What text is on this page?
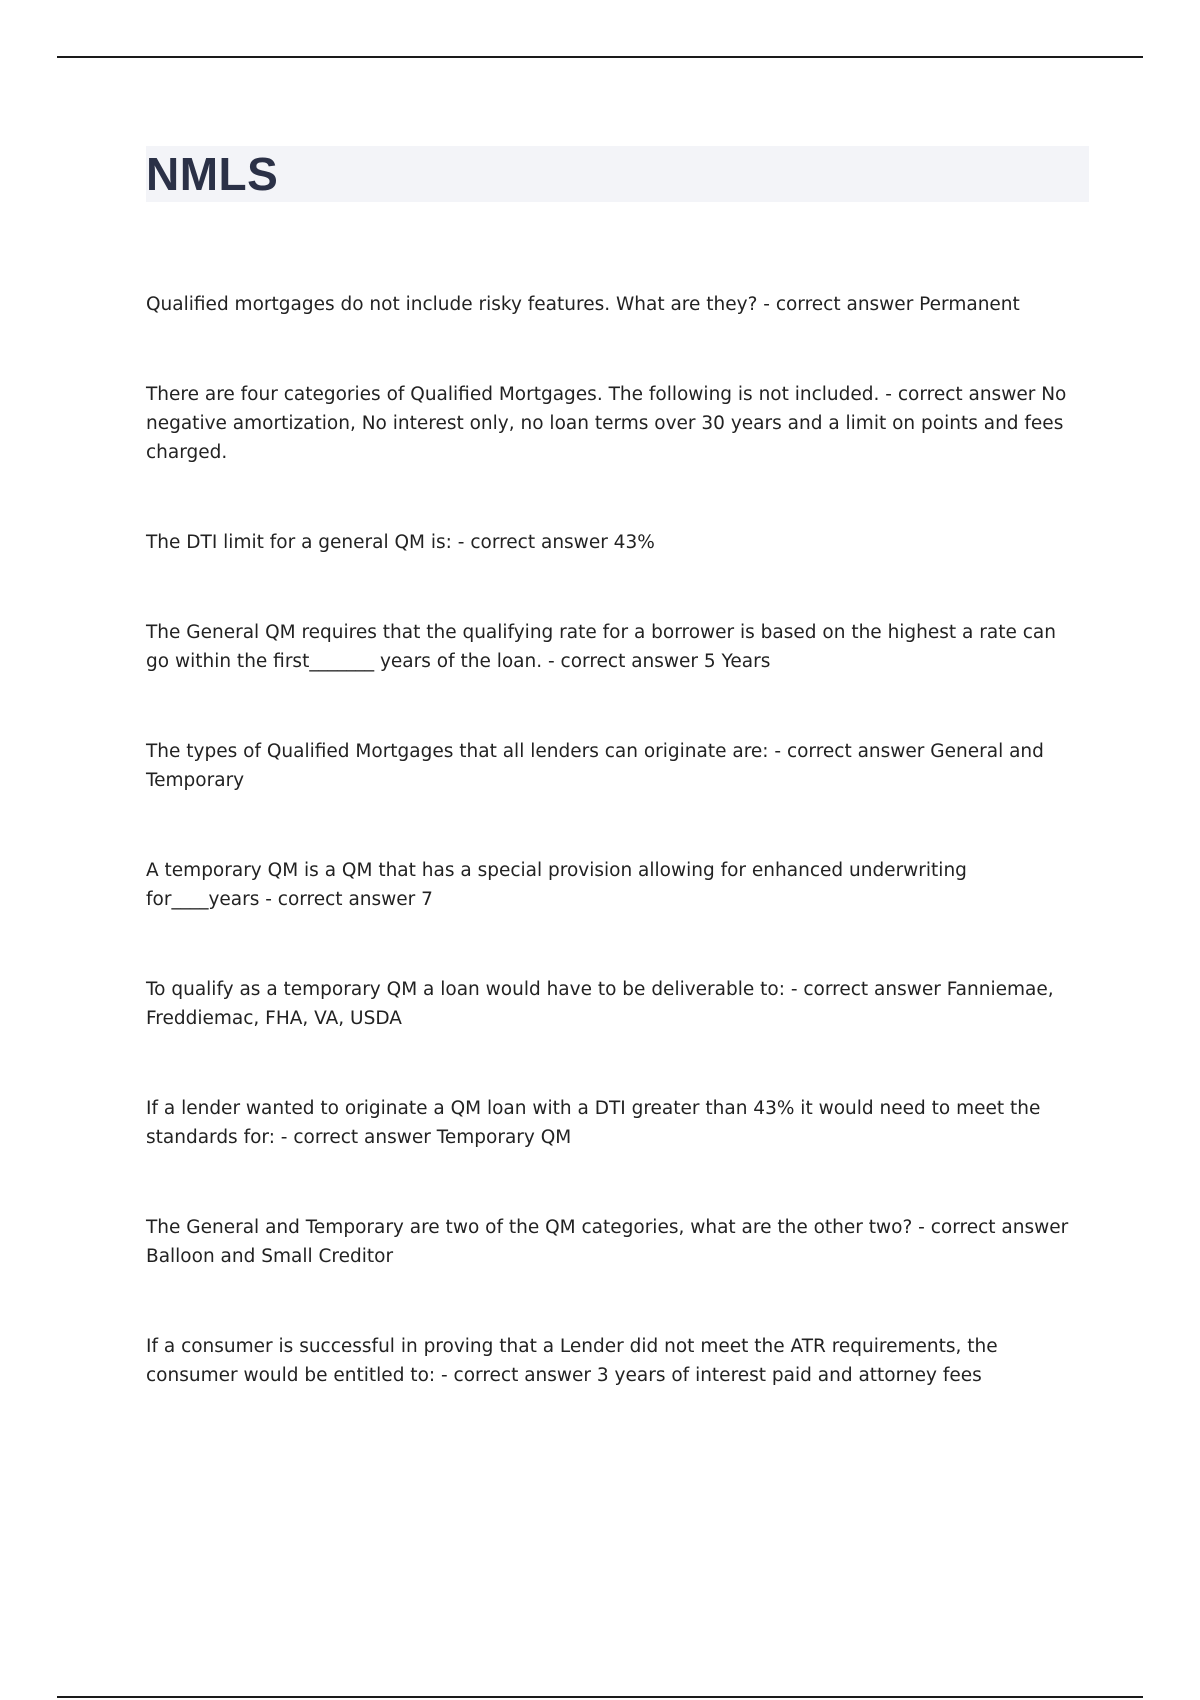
NMLS
Qualified mortgages do not include risky features. What are they? - correct answer Permanent
There are four categories of Qualified Mortgages. The following is not included. - correct answer No negative amortization, No interest only, no loan terms over 30 years and a limit on points and fees charged.
The DTI limit for a general QM is: - correct answer 43%
The General QM requires that the qualifying rate for a borrower is based on the highest a rate can go within the first_______ years of the loan. - correct answer 5 Years
The types of Qualified Mortgages that all lenders can originate are: - correct answer General and Temporary
A temporary QM is a QM that has a special provision allowing for enhanced underwriting for____years - correct answer 7
To qualify as a temporary QM a loan would have to be deliverable to: - correct answer Fanniemae, Freddiemac, FHA, VA, USDA
If a lender wanted to originate a QM loan with a DTI greater than 43% it would need to meet the standards for: - correct answer Temporary QM
The General and Temporary are two of the QM categories, what are the other two? - correct answer Balloon and Small Creditor
If a consumer is successful in proving that a Lender did not meet the ATR requirements, the consumer would be entitled to: - correct answer 3 years of interest paid and attorney fees
